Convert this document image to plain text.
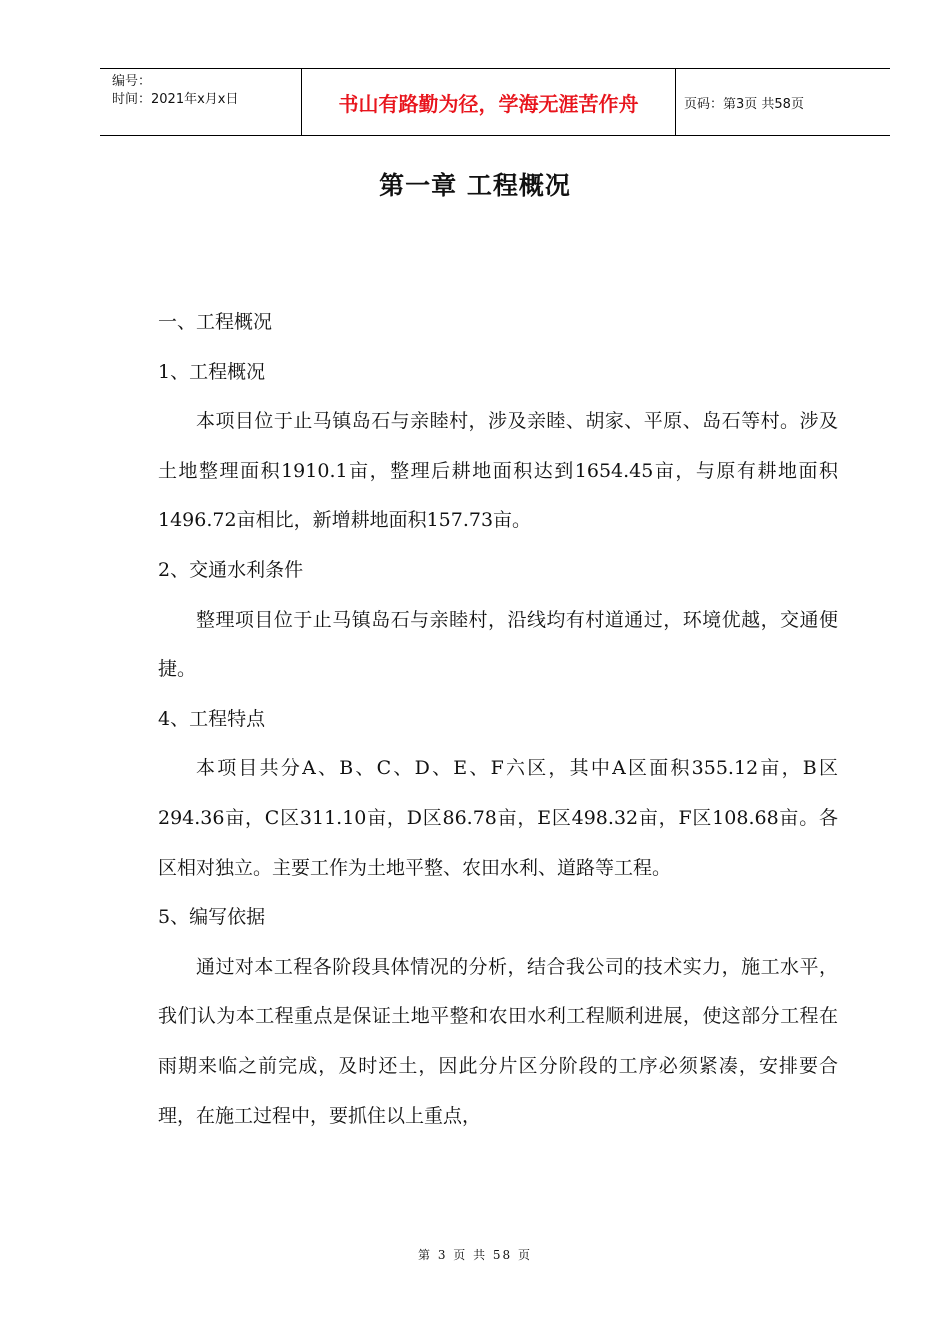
编号：
时间：2021年x月x日	书山有路勤为径，学海无涯苦作舟	页码：第3页 共58页
第一章 工程概况

一、工程概况

1、工程概况

本项目位于止马镇岛石与亲睦村，涉及亲睦、胡家、平原、岛石等村。涉及土地整理面积1910.1亩，整理后耕地面积达到1654.45亩，与原有耕地面积1496.72亩相比，新增耕地面积157.73亩。

2、交通水利条件

整理项目位于止马镇岛石与亲睦村，沿线均有村道通过，环境优越，交通便捷。

4、工程特点

本项目共分A、B、C、D、E、F六区，其中A区面积355.12亩，B区294.36亩，C区311.10亩，D区86.78亩，E区498.32亩，F区108.68亩。各区相对独立。主要工作为土地平整、农田水利、道路等工程。

5、编写依据

通过对本工程各阶段具体情况的分析，结合我公司的技术实力，施工水平，我们认为本工程重点是保证土地平整和农田水利工程顺利进展，使这部分工程在雨期来临之前完成，及时还土，因此分片区分阶段的工序必须紧凑，安排要合理，在施工过程中，要抓住以上重点，

第 3 页 共 58 页
